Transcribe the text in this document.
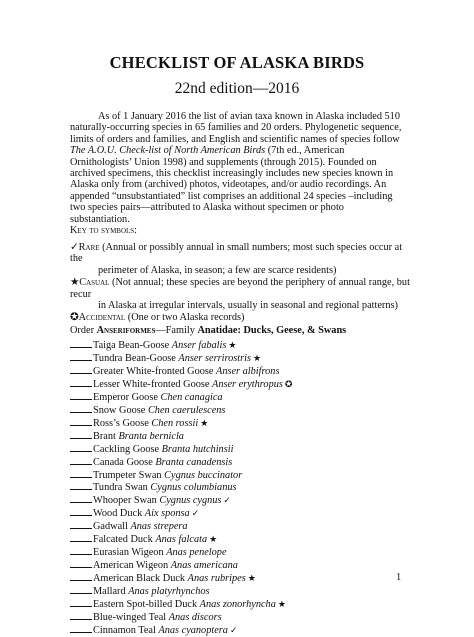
CHECKLIST OF ALASKA BIRDS
22nd edition—2016
As of 1 January 2016 the list of avian taxa known in Alaska included 510 naturally-occurring species in 65 families and 20 orders. Phylogenetic sequence, limits of orders and families, and English and scientific names of species follow The A.O.U. Check-list of North American Birds (7th ed., American Ornithologists’ Union 1998) and supplements (through 2015). Founded on archived specimens, this checklist increasingly includes new species known in Alaska only from (archived) photos, videotapes, and/or audio recordings. An appended “unsubstantiated” list comprises an additional 24 species –including two species pairs—attributed to Alaska without specimen or photo substantiation.
Key to symbols:
✓Rare (Annual or possibly annual in small numbers; most such species occur at the
perimeter of Alaska, in season; a few are scarce residents)
★Casual (Not annual; these species are beyond the periphery of annual range, but recur
in Alaska at irregular intervals, usually in seasonal and regional patterns)
✪Accidental (One or two Alaska records)
Order Anseriformes—Family Anatidae: Ducks, Geese, & Swans
Taiga Bean-Goose Anser fabalis ★
Tundra Bean-Goose Anser serrirostris ★
Greater White-fronted Goose Anser albifrons
Lesser White-fronted Goose Anser erythropus ✪
Emperor Goose Chen canagica
Snow Goose Chen caerulescens
Ross’s Goose Chen rossii ★
Brant Branta bernicla
Cackling Goose Branta hutchinsii
Canada Goose Branta canadensis
Trumpeter Swan Cygnus buccinator
Tundra Swan Cygnus columbianus
Whooper Swan Cygnus cygnus ✓
Wood Duck Aix sponsa ✓
Gadwall Anas strepera
Falcated Duck Anas falcata ★
Eurasian Wigeon Anas penelope
American Wigeon Anas americana
American Black Duck Anas rubripes ★
Mallard Anas platyrhynchos
Eastern Spot-billed Duck Anas zonorhyncha ★
Blue-winged Teal Anas discors
Cinnamon Teal Anas cyanoptera ✓
1
